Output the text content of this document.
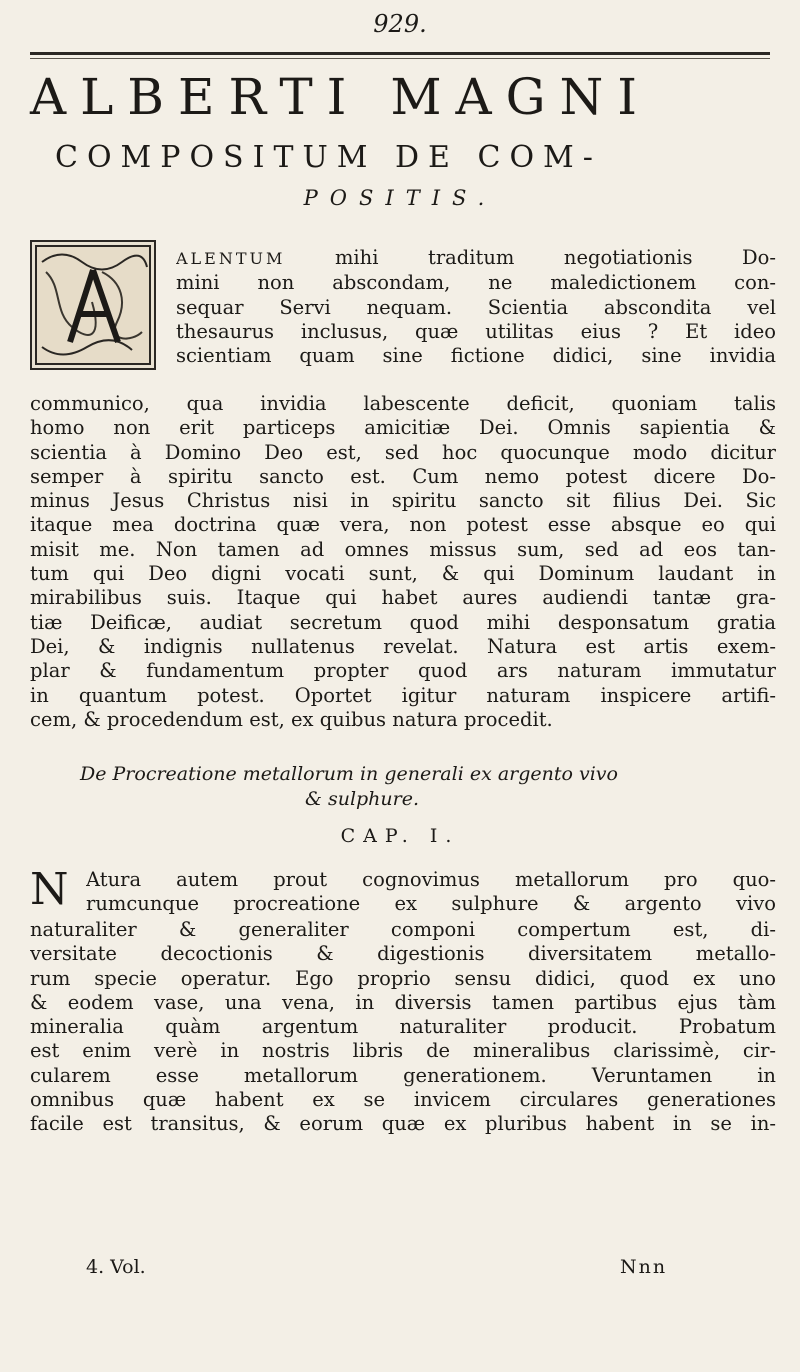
929.
ALBERTI MAGNI
COMPOSITUM DE COM-
POSITIS.
ALENTUM	mihi traditum negotiationis Do-
mini non abscondam, ne maledictionem con-
sequar Servi nequam. Scientia abscondita vel
thesaurus inclusus, quæ utilitas eius ? Et ideo
scientiam quam sine fictione didici, sine invidia
communico, qua invidia labescente deficit, quoniam talis
homo non erit particeps amicitiæ Dei. Omnis sapientia &
scientia à Domino Deo est, sed hoc quocunque modo dicitur
semper à spiritu sancto est. Cum nemo potest dicere Do-
minus Jesus Christus nisi in spiritu sancto sit filius Dei. Sic
itaque mea doctrina quæ vera, non potest esse absque eo qui
misit me. Non tamen ad omnes missus sum, sed ad eos tan-
tum qui Deo digni vocati sunt, & qui Dominum laudant in
mirabilibus suis. Itaque qui habet aures audiendi tantæ gra-
tiæ Deificæ, audiat secretum quod mihi desponsatum gratia
Dei, & indignis nullatenus revelat. Natura est artis exem-
plar & fundamentum propter quod ars naturam immutatur
in quantum potest. Oportet igitur naturam inspicere artifi-
cem, & procedendum est, ex quibus natura procedit.
De Procreatione metallorum in generali ex argento vivo
& sulphure.
CAP. I.
N Atura autem prout cognovimus metallorum pro quo-
rumcunque procreatione ex sulphure & argento vivo
naturaliter & generaliter componi compertum est, di-
versitate decoctionis & digestionis diversitatem metallo-
rum specie operatur. Ego proprio sensu didici, quod ex uno
& eodem vase, una vena, in diversis tamen partibus ejus tàm
mineralia quàm argentum naturaliter producit. Probatum
est enim verè in nostris libris de mineralibus clarissimè, cir-
cularem esse metallorum generationem. Veruntamen in
omnibus quæ habent ex se invicem circulares generationes
facile est transitus, & eorum quæ ex pluribus habent in se in-
4. Vol.	Nnn
